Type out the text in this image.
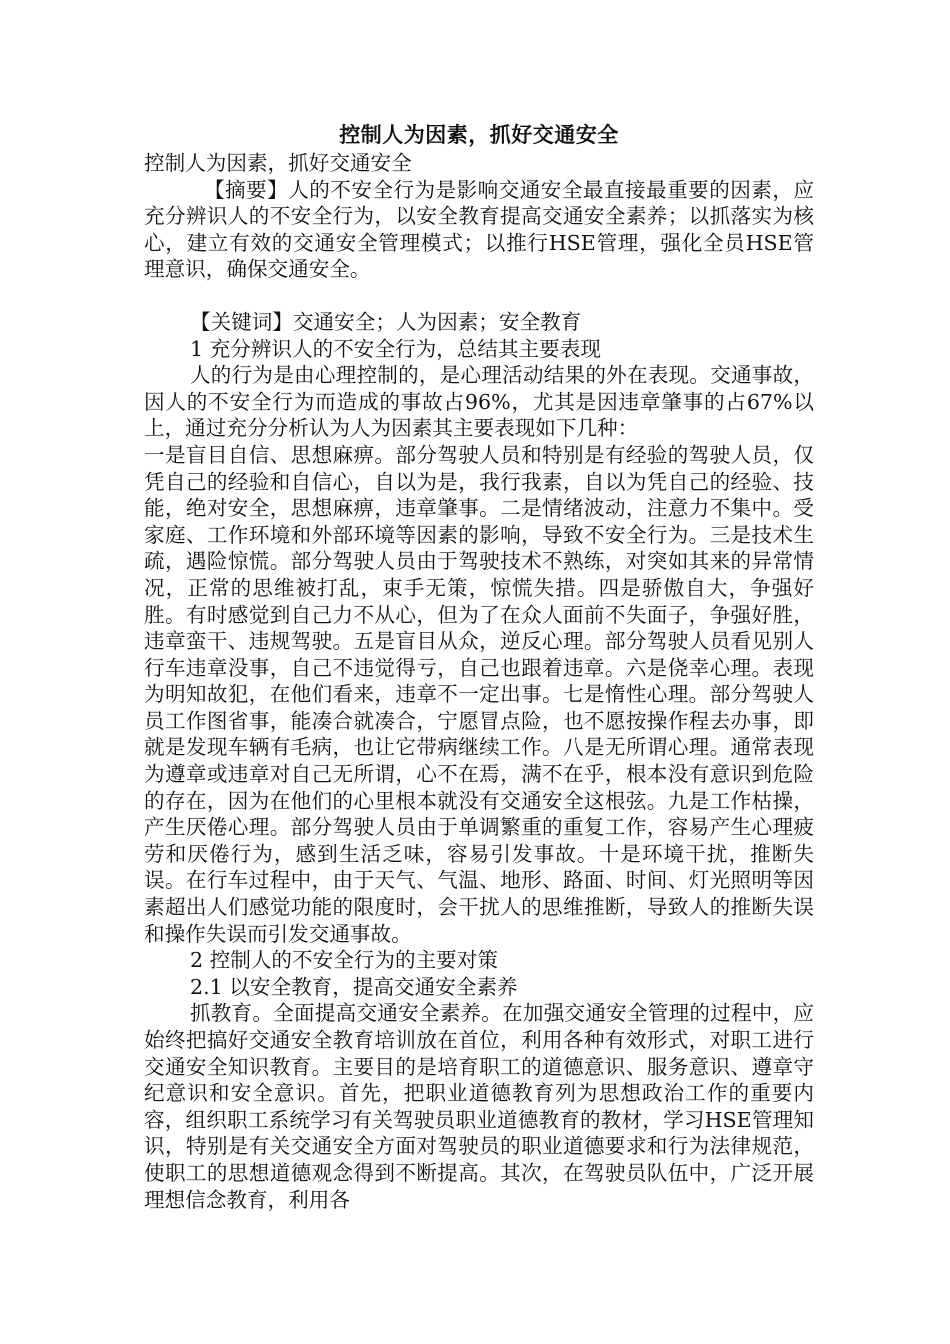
控制人为因素，抓好交通安全

控制人为因素，抓好交通安全

【摘要】人的不安全行为是影响交通安全最直接最重要的因素，应充分辨识人的不安全行为，以安全教育提高交通安全素养；以抓落实为核心，建立有效的交通安全管理模式；以推行HSE管理，强化全员HSE管理意识，确保交通安全。

【关键词】交通安全；人为因素；安全教育

1 充分辨识人的不安全行为，总结其主要表现

人的行为是由心理控制的，是心理活动结果的外在表现。交通事故，因人的不安全行为而造成的事故占96%，尤其是因违章肇事的占67%以上，通过充分分析认为人为因素其主要表现如下几种：

一是盲目自信、思想麻痹。部分驾驶人员和特别是有经验的驾驶人员，仅凭自己的经验和自信心，自以为是，我行我素，自以为凭自己的经验、技能，绝对安全，思想麻痹，违章肇事。二是情绪波动，注意力不集中。受家庭、工作环境和外部环境等因素的影响，导致不安全行为。三是技术生疏，遇险惊慌。部分驾驶人员由于驾驶技术不熟练，对突如其来的异常情况，正常的思维被打乱，束手无策，惊慌失措。四是骄傲自大，争强好胜。有时感觉到自己力不从心，但为了在众人面前不失面子，争强好胜，违章蛮干、违规驾驶。五是盲目从众，逆反心理。部分驾驶人员看见别人行车违章没事，自己不违觉得亏，自己也跟着违章。六是侥幸心理。表现为明知故犯，在他们看来，违章不一定出事。七是惰性心理。部分驾驶人员工作图省事，能凑合就凑合，宁愿冒点险，也不愿按操作程去办事，即就是发现车辆有毛病，也让它带病继续工作。八是无所谓心理。通常表现为遵章或违章对自己无所谓，心不在焉，满不在乎，根本没有意识到危险的存在，因为在他们的心里根本就没有交通安全这根弦。九是工作枯操，产生厌倦心理。部分驾驶人员由于单调繁重的重复工作，容易产生心理疲劳和厌倦行为，感到生活乏味，容易引发事故。十是环境干扰，推断失误。在行车过程中，由于天气、气温、地形、路面、时间、灯光照明等因素超出人们感觉功能的限度时，会干扰人的思维推断，导致人的推断失误和操作失误而引发交通事故。

2 控制人的不安全行为的主要对策

2.1 以安全教育，提高交通安全素养

抓教育。全面提高交通安全素养。在加强交通安全管理的过程中，应始终把搞好交通安全教育培训放在首位，利用各种有效形式，对职工进行交通安全知识教育。主要目的是培育职工的道德意识、服务意识、遵章守纪意识和安全意识。首先，把职业道德教育列为思想政治工作的重要内容，组织职工系统学习有关驾驶员职业道德教育的教材，学习HSE管理知识，特别是有关交通安全方面对驾驶员的职业道德要求和行为法律规范，使职工的思想道德观念得到不断提高。其次，在驾驶员队伍中，广泛开展理想信念教育，利用各
